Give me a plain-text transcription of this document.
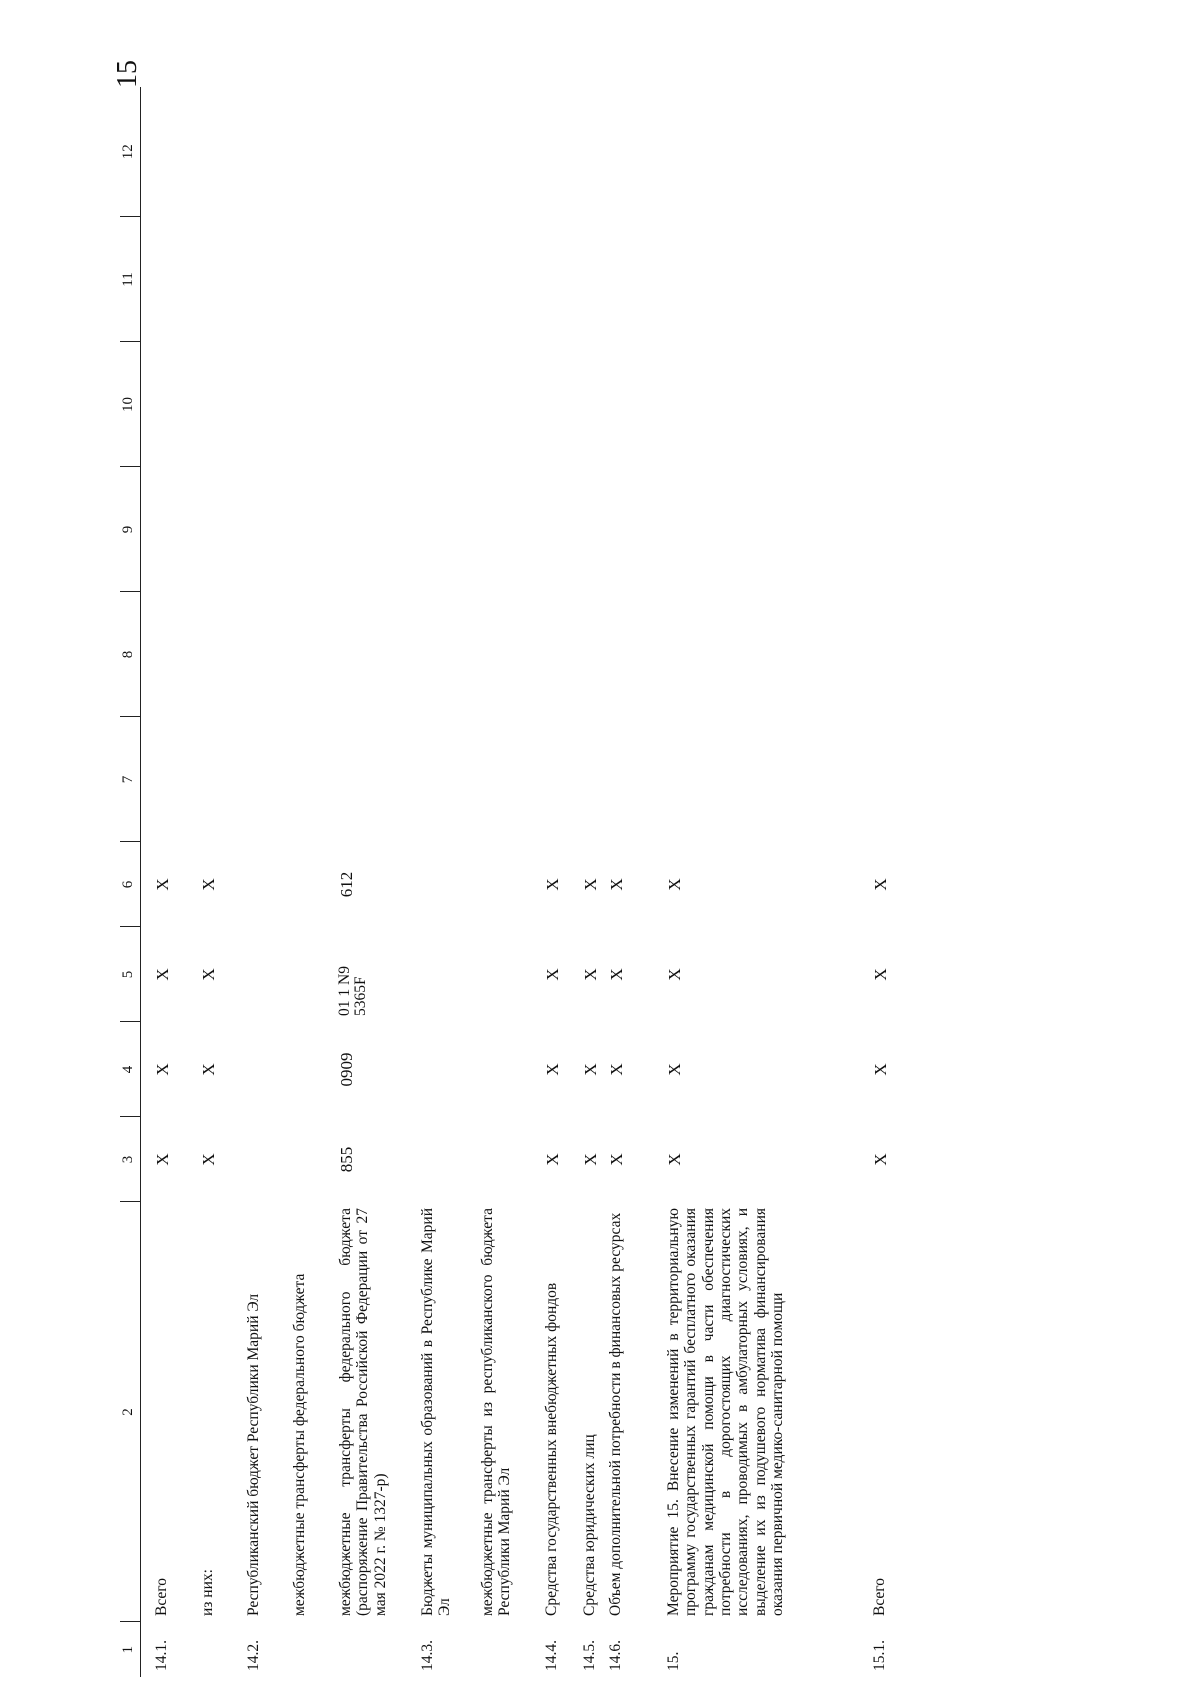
15
1	2	3	4	5	6	7	8	9	10	11	12

14.1.	Всего	Х	Х	Х	Х						
	из них:	Х	Х	Х	Х						
14.2.	Республиканский бюджет Республики Марий Эл										
	межбюджетные трансферты федерального бюджета										
	межбюджетные трансферты федерального бюджета (распоряжение Правительства Российской Федерации от 27 мая 2022 г. № 1327-р)	855	0909	01 1 N9 5365F	612						
14.3.	Бюджеты муниципальных образований в Республике Марий Эл										
	межбюджетные трансферты из республиканского бюджета Республики Марий Эл										
14.4.	Средства государственных внебюджетных фондов	Х	Х	Х	Х						
14.5.	Средства юридических лиц	Х	Х	Х	Х						
14.6.	Объем дополнительной потребности в финансовых ресурсах	Х	Х	Х	Х						
15.	Мероприятие 15. Внесение изменений в территориальную программу государственных гарантий бесплатного оказания гражданам медицинской помощи в части обеспечения потребности в дорогостоящих диагностических исследованиях, проводимых в амбулаторных условиях, и выделение их из подушевого норматива финансирования оказания первичной медико-санитарной помощи	Х	Х	Х	Х						
15.1.	Всего	Х	Х	Х	Х						
